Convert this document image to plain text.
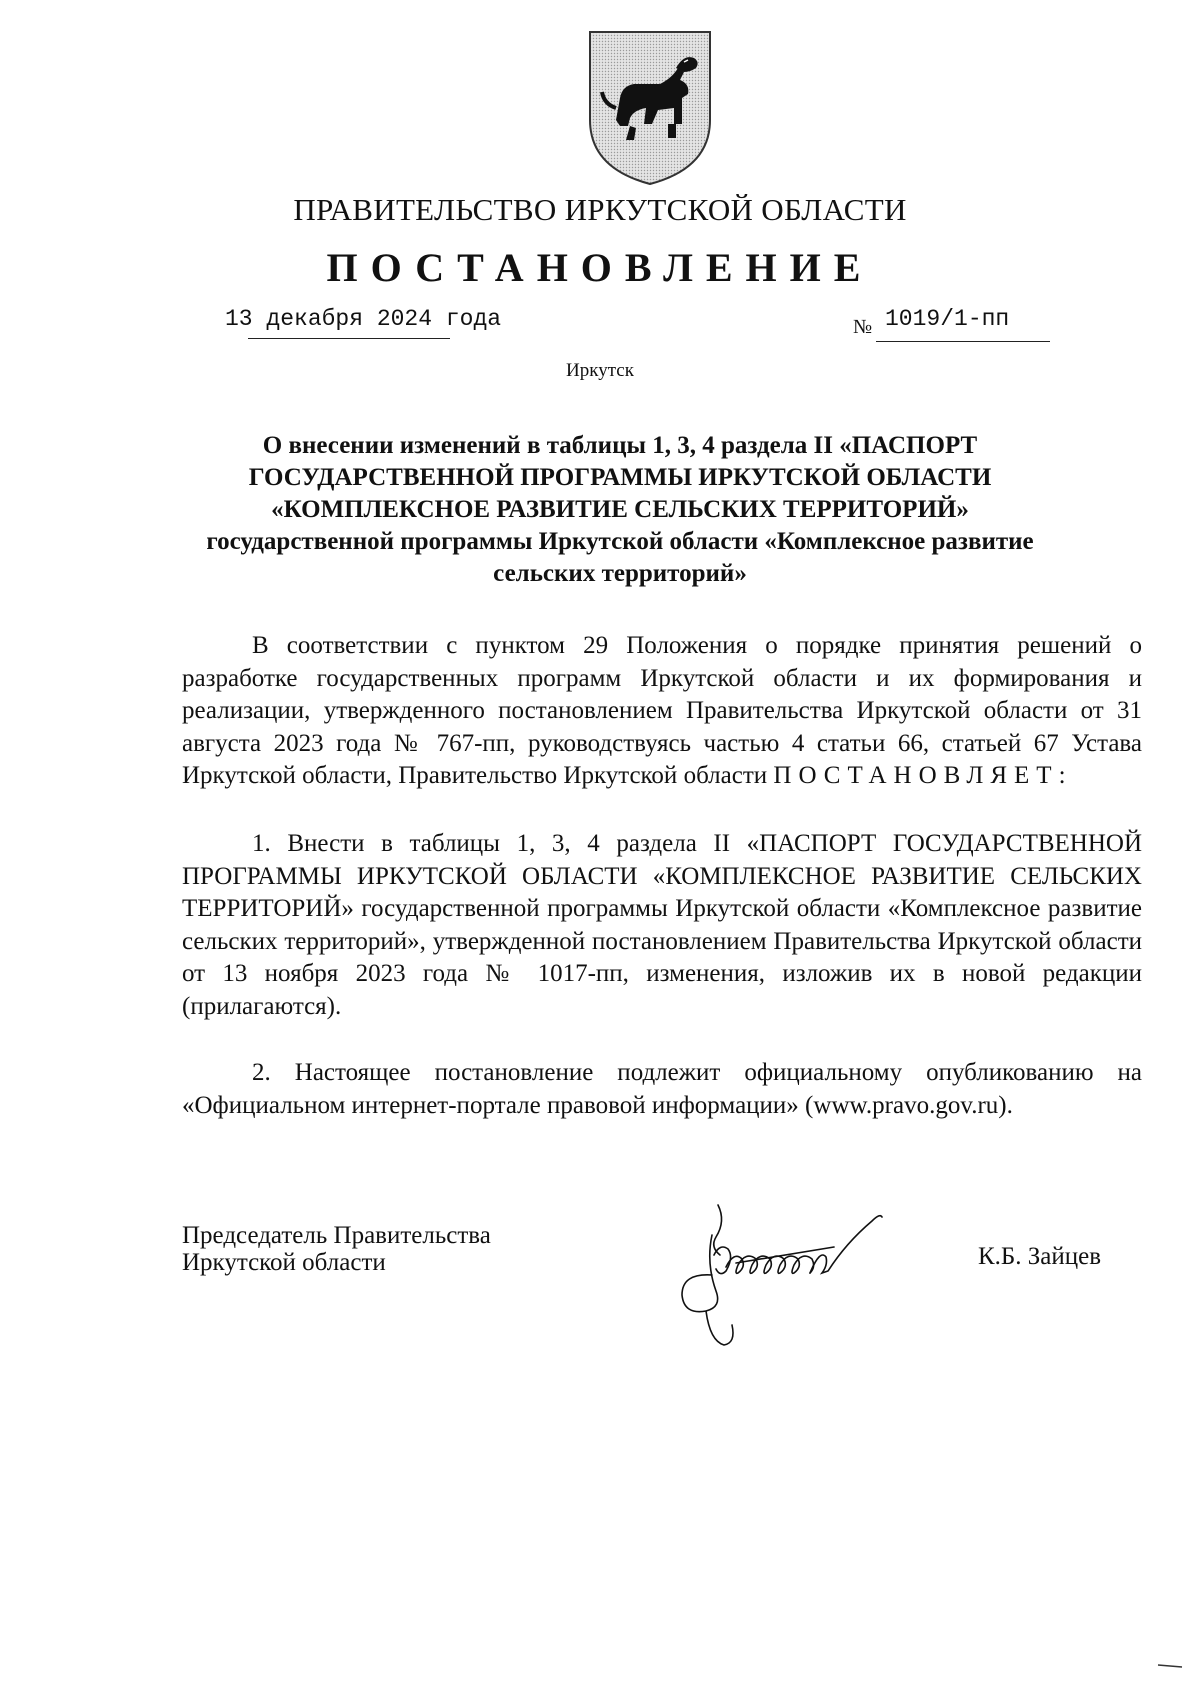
ПРАВИТЕЛЬСТВО ИРКУТСКОЙ ОБЛАСТИ
ПОСТАНОВЛЕНИЕ
13 декабря 2024 года	№ 1019/1-пп
Иркутск
О внесении изменений в таблицы 1, 3, 4 раздела II «ПАСПОРТ
ГОСУДАРСТВЕННОЙ ПРОГРАММЫ ИРКУТСКОЙ ОБЛАСТИ
«КОМПЛЕКСНОЕ РАЗВИТИЕ СЕЛЬСКИХ ТЕРРИТОРИЙ»
государственной программы Иркутской области «Комплексное развитие
сельских территорий»
В соответствии с пунктом 29 Положения о порядке принятия решений о разработке государственных программ Иркутской области и их формирования и реализации, утвержденного постановлением Правительства Иркутской области от 31 августа 2023 года № 767-пп, руководствуясь частью 4 статьи 66, статьей 67 Устава Иркутской области, Правительство Иркутской области ПОСТАНОВЛЯЕТ:
1. Внести в таблицы 1, 3, 4 раздела II «ПАСПОРТ ГОСУДАРСТВЕННОЙ ПРОГРАММЫ ИРКУТСКОЙ ОБЛАСТИ «КОМПЛЕКСНОЕ РАЗВИТИЕ СЕЛЬСКИХ ТЕРРИТОРИЙ» государственной программы Иркутской области «Комплексное развитие сельских территорий», утвержденной постановлением Правительства Иркутской области от 13 ноября 2023 года № 1017-пп, изменения, изложив их в новой редакции (прилагаются).
2. Настоящее постановление подлежит официальному опубликованию на «Официальном интернет-портале правовой информации» (www.pravo.gov.ru).
Председатель Правительства
Иркутской области	К.Б. Зайцев
